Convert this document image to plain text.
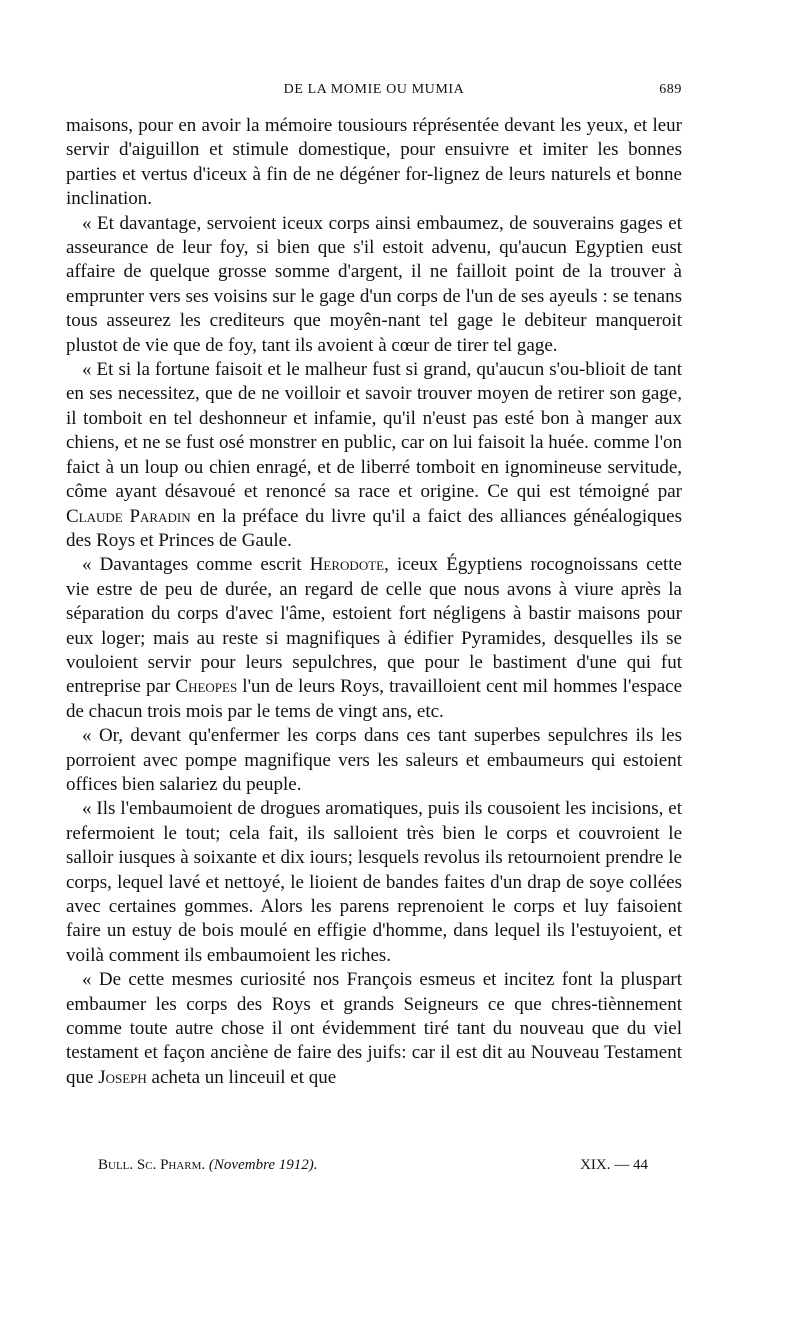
DE LA MOMIE OU MUMIA	689

maisons, pour en avoir la mémoire tousiours réprésentée devant les yeux, et leur servir d'aiguillon et stimule domestique, pour ensuivre et imiter les bonnes parties et vertus d'iceux à fin de ne dégéner for-lignez de leurs naturels et bonne inclination.

« Et davantage, servoient iceux corps ainsi embaumez, de souverains gages et asseurance de leur foy, si bien que s'il estoit advenu, qu'aucun Egyptien eust affaire de quelque grosse somme d'argent, il ne failloit point de la trouver à emprunter vers ses voisins sur le gage d'un corps de l'un de ses ayeuls : se tenans tous asseurez les crediteurs que moyên-nant tel gage le debiteur manqueroit plustot de vie que de foy, tant ils avoient à cœur de tirer tel gage.

« Et si la fortune faisoit et le malheur fust si grand, qu'aucun s'ou-blioit de tant en ses necessitez, que de ne voilloir et savoir trouver moyen de retirer son gage, il tomboit en tel deshonneur et infamie, qu'il n'eust pas esté bon à manger aux chiens, et ne se fust osé monstrer en public, car on lui faisoit la huée. comme l'on faict à un loup ou chien enragé, et de liberré tomboit en ignomineuse servitude, côme ayant désavoué et renoncé sa race et origine. Ce qui est témoigné par Claude Paradin en la préface du livre qu'il a faict des alliances généalogiques des Roys et Princes de Gaule.

« Davantages comme escrit Herodote, iceux Égyptiens rocognoissans cette vie estre de peu de durée, an regard de celle que nous avons à viure après la séparation du corps d'avec l'âme, estoient fort négligens à bastir maisons pour eux loger; mais au reste si magnifiques à édifier Pyramides, desquelles ils se vouloient servir pour leurs sepulchres, que pour le bastiment d'une qui fut entreprise par Cheopes l'un de leurs Roys, travailloient cent mil hommes l'espace de chacun trois mois par le tems de vingt ans, etc.

« Or, devant qu'enfermer les corps dans ces tant superbes sepulchres ils les porroient avec pompe magnifique vers les saleurs et embaumeurs qui estoient offices bien salariez du peuple.

« Ils l'embaumoient de drogues aromatiques, puis ils cousoient les incisions, et refermoient le tout; cela fait, ils salloient très bien le corps et couvroient le salloir iusques à soixante et dix iours; lesquels revolus ils retournoient prendre le corps, lequel lavé et nettoyé, le lioient de bandes faites d'un drap de soye collées avec certaines gommes. Alors les parens reprenoient le corps et luy faisoient faire un estuy de bois moulé en effigie d'homme, dans lequel ils l'estuyoient, et voilà comment ils embaumoient les riches.

« De cette mesmes curiosité nos François esmeus et incitez font la pluspart embaumer les corps des Roys et grands Seigneurs ce que chres-tiènnement comme toute autre chose il ont évidemment tiré tant du nouveau que du viel testament et façon anciène de faire des juifs: car il est dit au Nouveau Testament que Joseph acheta un linceuil et que

Bull. Sc. Pharm. (Novembre 1912).	XIX. — 44
